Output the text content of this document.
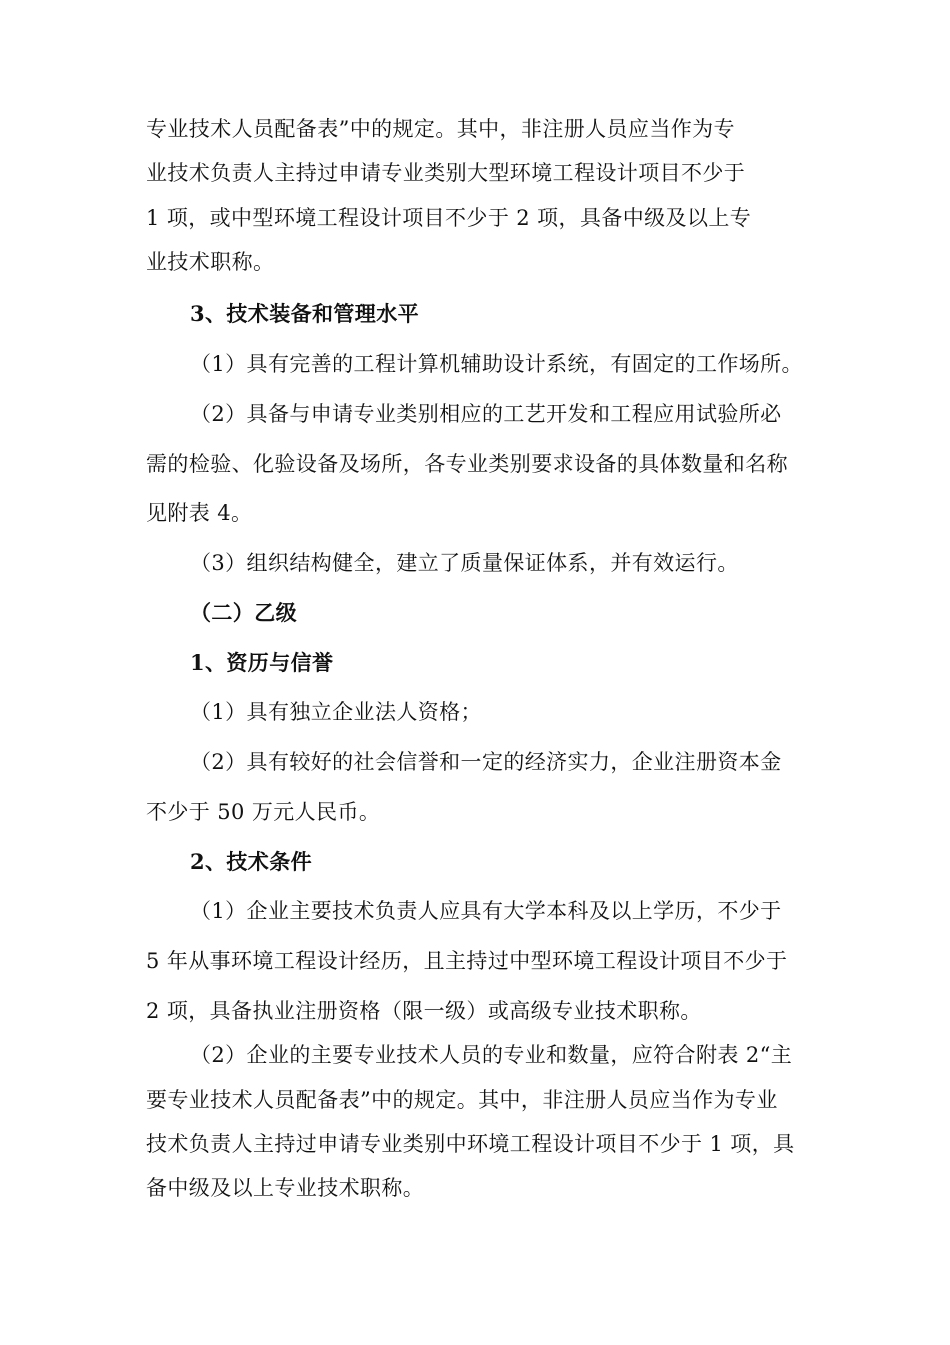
专业技术人员配备表”中的规定。其中，非注册人员应当作为专
业技术负责人主持过申请专业类别大型环境工程设计项目不少于
1 项，或中型环境工程设计项目不少于 2 项，具备中级及以上专
业技术职称。
3、技术装备和管理水平
（1）具有完善的工程计算机辅助设计系统，有固定的工作场所。
（2）具备与申请专业类别相应的工艺开发和工程应用试验所必
需的检验、化验设备及场所，各专业类别要求设备的具体数量和名称
见附表 4。
（3）组织结构健全，建立了质量保证体系，并有效运行。
（二）乙级
1、资历与信誉
（1）具有独立企业法人资格；
（2）具有较好的社会信誉和一定的经济实力，企业注册资本金
不少于 50 万元人民币。
2、技术条件
（1）企业主要技术负责人应具有大学本科及以上学历，不少于
5 年从事环境工程设计经历，且主持过中型环境工程设计项目不少于
2 项，具备执业注册资格（限一级）或高级专业技术职称。
（2）企业的主要专业技术人员的专业和数量，应符合附表 2“主
要专业技术人员配备表”中的规定。其中，非注册人员应当作为专业
技术负责人主持过申请专业类别中环境工程设计项目不少于 1 项，具
备中级及以上专业技术职称。
